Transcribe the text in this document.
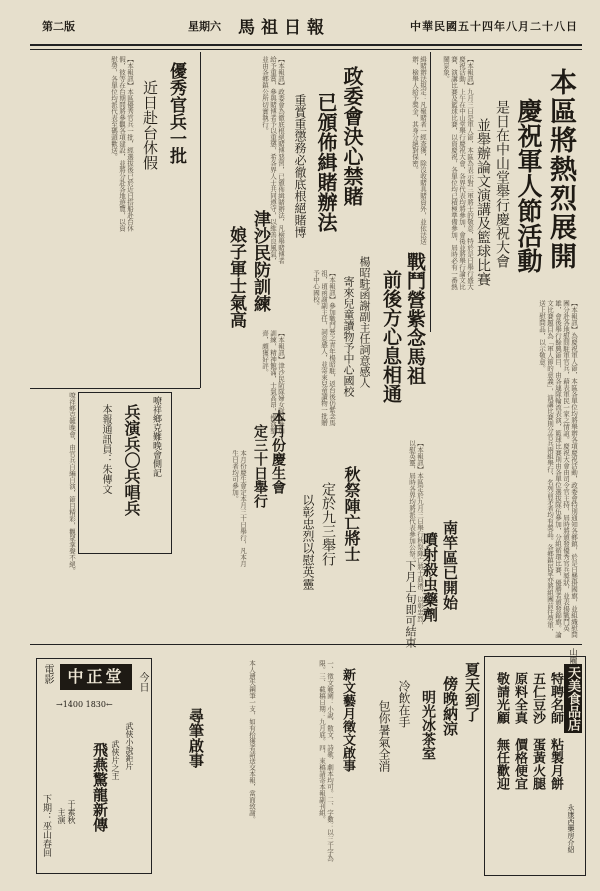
中華民國五十四年八月二十八日
馬祖日報
星期六
第二版
本區將熱烈展開
慶祝軍人節活動
是日在中山堂舉行慶祝大會
並舉辦論文演講及籃球比賽
【本報訊】九月三日是軍人節，本區為表示對三軍將士的敬意，特於是日舉行盛大慶祝活動，上午在中山堂舉行慶祝大會，各界代表均將參加，會後並將舉行論文比賽、演講比賽及籃球比賽，以資慶祝，各單位均已積極準備參加，屆時必有一番熱鬧景象。
【本報訊】為慶祝軍人節，本區各單位均將舉辦各項慶祝活動，政委會特別通知各鄉鎮，於是日懸掛國旗，並組織慰問團分赴各地慰問駐軍官兵，藉表軍民一家之情誼。慶祝大會由司令官主持，屆時將頒發優秀官兵獎狀，並表揚戰鬥英雄，會後舉行餘興節目，由各連隊輪流表演，籃球比賽則由各單位選拔隊伍參加，分組循環比賽，優勝者頒發錦旗。論文比賽題目為「軍人節的意義」，演講比賽則分官兵兩組舉行，名列前茅者均有獎品。各鄉鎮民眾亦將組團前往勞軍，送上慰問品，以示敬意。
政委會決心禁賭
已頒佈緝賭辦法
重賞重懲務必徹底根絕賭博
【本報訊】政委會為徹底根絕賭博惡習，已頒佈緝賭辦法，凡檢舉賭博者給予重賞，參與賭博者予以重懲，希各界人士共同遵守，以維善良風氣，並由各鄉鎮公所切實執行。	緝賭辦法規定：凡聚賭者一經查獲，除沒收賭具賭資外，並依法送辦，檢舉人給予獎金，其身分絕對保密。
優秀官兵一批
近日赴台休假
【本報訊】本區優秀官兵一批，經選拔後已於近日搭船赴台休假，彼等在台期間將參觀各項建設，並將分赴各地遊覽，以資慰勞，各單位均派代表至碼頭歡送。
戰鬥營紫念馬祖
前後方心息相通
楊昭駐函謝副主任詞意感人
寄來兒童讀物予中心國校
【本報訊】參加戰鬥營之青年楊昭駐，返台後仍紫念馬祖，頃函謝副主任，詞意感人，並寄來兒童讀物一批贈予中心國校。
津沙民防訓練
娘子軍士氣高
【本報訊】津沙民防隊婦女隊員參加訓練，精神飽滿，士氣高昂，操演整齊，頗獲好評。
本月份慶生會
定三十日舉行
本月份慶生會定本月三十日舉行，凡本月生日者均可參加。	秋祭陣亡將士
定於九三舉行
以彰忠烈以慰英靈	【本報訊】本區定於九月三日舉行秋祭陣亡將士典禮，以彰忠烈，以慰英靈，屆時各界均將派代表參加公祭。
南竿區已開始
噴射殺虫藥劑
下月上旬即可結束
兵演兵〇兵唱兵
本報通訊員：朱傳文	嘹祥鄉克難晚會側記
嘹祥鄉克難晚會，由官兵自編自演，節目精彩，觀眾掌聲不絕。
中正堂
電影
→1400 1830←
今日
飛燕驚龍新傳 武俠小說鉅片
武俠片之王
于素秋
主演
下期：巫山春回
尋筆啟事	本人遺失鋼筆一支，如有拾獲者請送交本報，當面致謝。	新文藝月徵文啟事
一、徵文範圍：小說、散文、詩歌、劇本均可。二、字數：以三千字為限。三、截稿日期：九月底。四、來稿請寄本報副刊組。	夏天到了
傍晚納涼
明光冰茶室
冷飲在手
包你暑氣全消
天美食品店
山隴
特聘名師
粘製月餅
五仁豆沙
蛋黃火腿
原料全真
價格便宜
敬請光顧
無任歡迎
永康西藥房介紹
